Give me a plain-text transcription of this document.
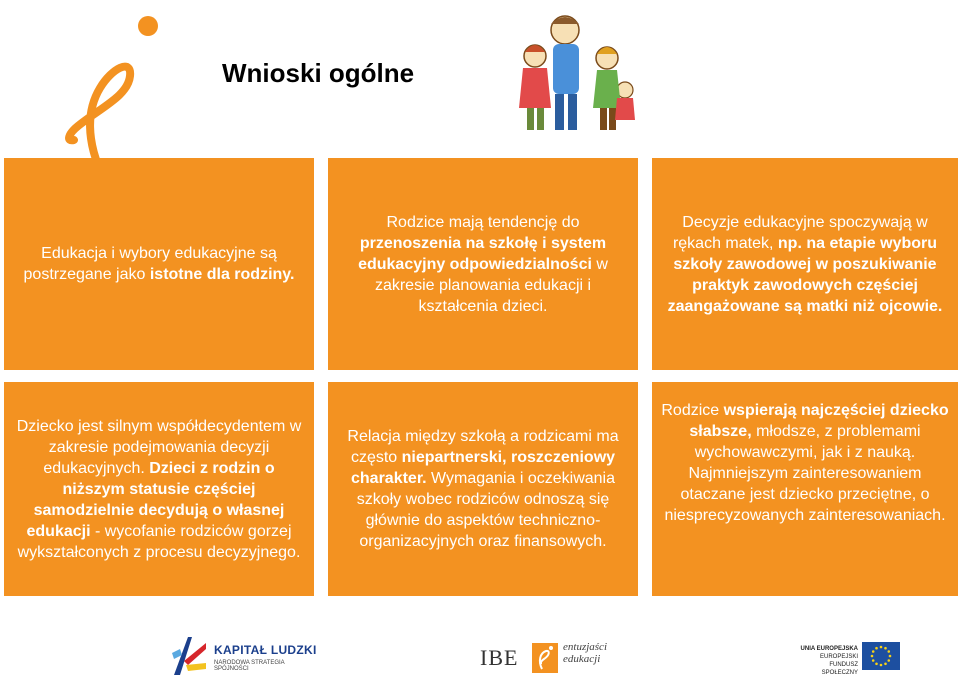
Wnioski ogólne
Edukacja i wybory edukacyjne są postrzegane jako istotne dla rodziny.
Rodzice mają tendencję do przenoszenia na szkołę i system edukacyjny odpowiedzialności w zakresie planowania edukacji i kształcenia dzieci.
Decyzje edukacyjne spoczywają w rękach matek, np. na etapie wyboru szkoły zawodowej w poszukiwanie praktyk zawodowych częściej zaangażowane są matki niż ojcowie.
Dziecko jest silnym współdecydentem w zakresie podejmowania decyzji edukacyjnych. Dzieci z rodzin o niższym statusie częściej samodzielnie decydują o własnej edukacji - wycofanie rodziców gorzej wykształconych z procesu decyzyjnego.
Relacja między szkołą a rodzicami ma często niepartnerski, roszczeniowy charakter. Wymagania i oczekiwania szkoły wobec rodziców odnoszą się głównie do aspektów techniczno-organizacyjnych oraz finansowych.
Rodzice wspierają najczęściej dziecko słabsze, młodsze, z problemami wychowawczymi, jak i z nauką. Najmniejszym zainteresowaniem otaczane jest dziecko przeciętne, o niesprecyzowanych zainteresowaniach.
KAPITAŁ LUDZKI
NARODOWA STRATEGIA SPÓJNOŚCI	IBE	entuzjaści
edukacji
UNIA EUROPEJSKA
EUROPEJSKI
FUNDUSZ SPOŁECZNY
